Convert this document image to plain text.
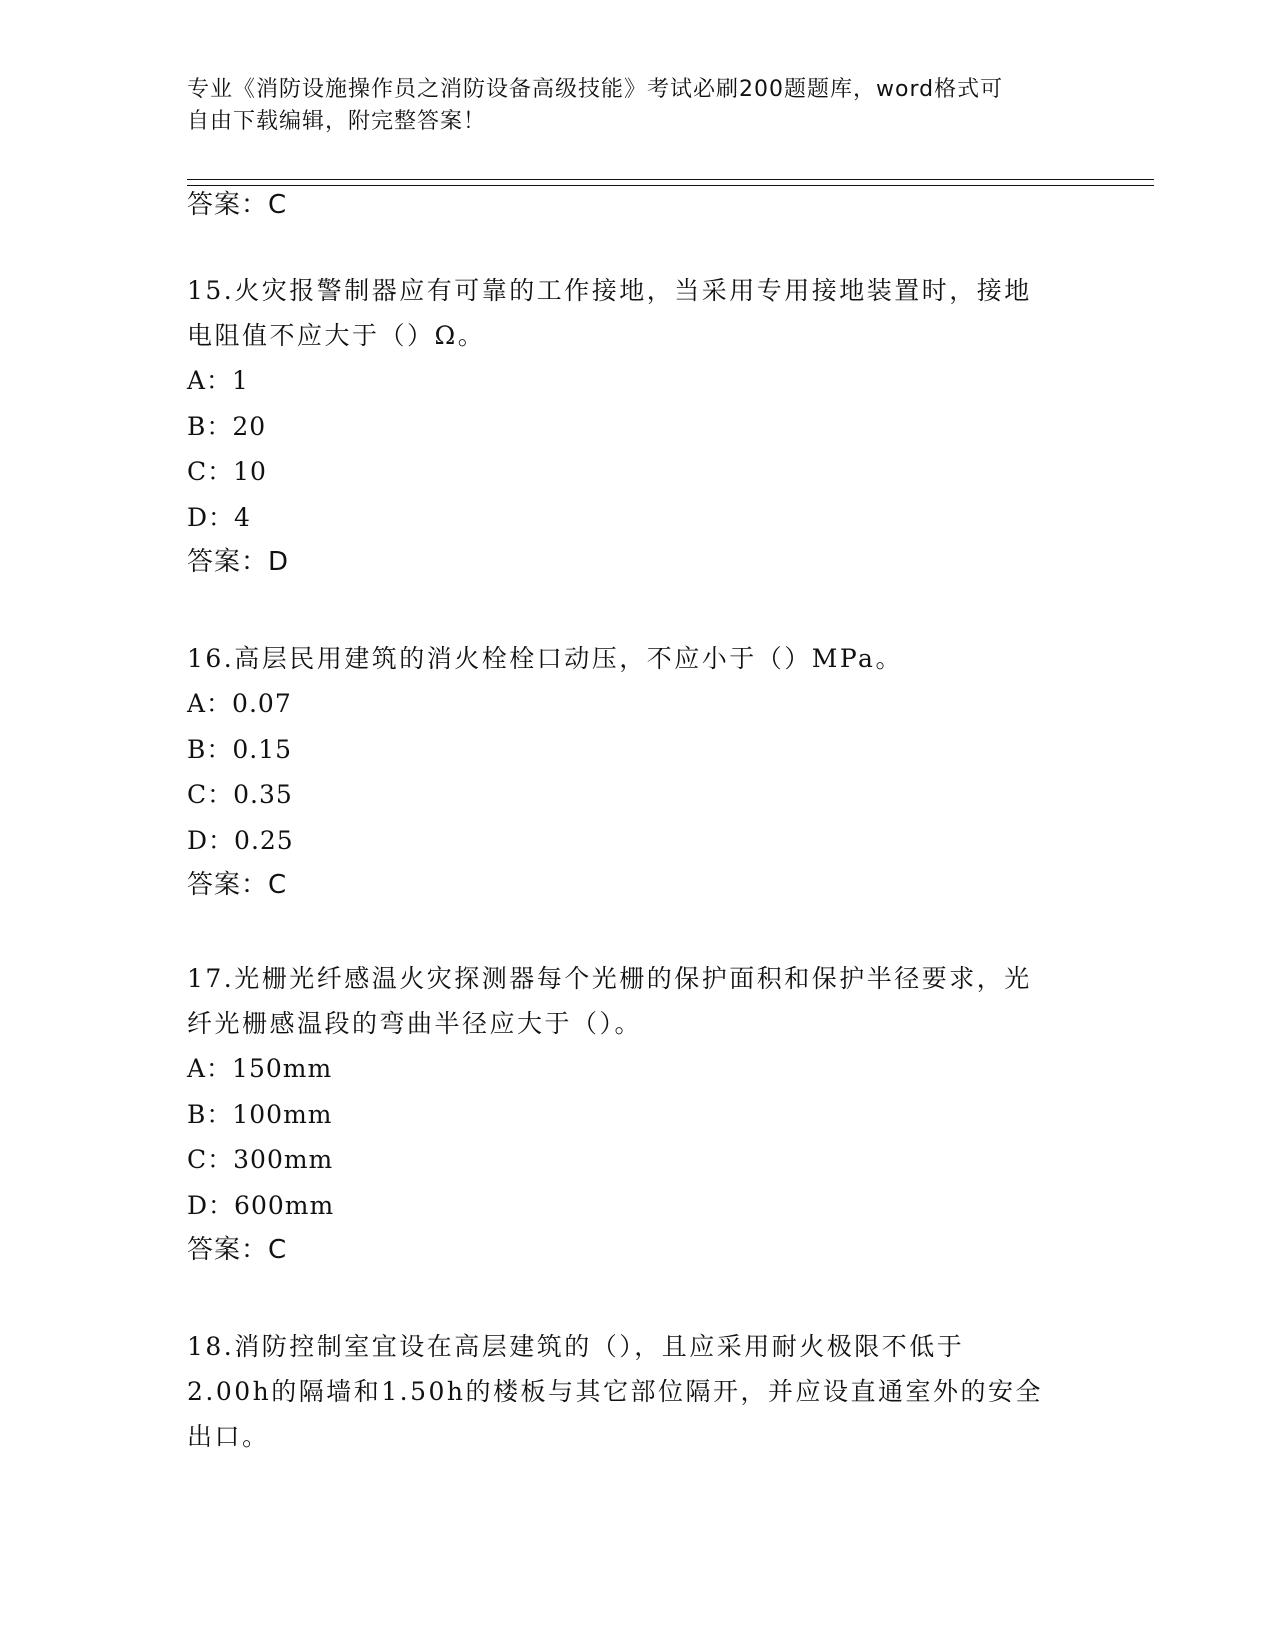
专业《消防设施操作员之消防设备高级技能》考试必刷200题题库，word格式可
自由下载编辑，附完整答案！
答案：C
15.火灾报警制器应有可靠的工作接地，当采用专用接地装置时，接地
电阻值不应大于（）Ω。
A：1
B：20
C：10
D：4
答案：D
16.高层民用建筑的消火栓栓口动压，不应小于（）MPa。
A：0.07
B：0.15
C：0.35
D：0.25
答案：C
17.光栅光纤感温火灾探测器每个光栅的保护面积和保护半径要求，光
纤光栅感温段的弯曲半径应大于（）。
A：150mm
B：100mm
C：300mm
D：600mm
答案：C
18.消防控制室宜设在高层建筑的（），且应采用耐火极限不低于
2.00h的隔墙和1.50h的楼板与其它部位隔开，并应设直通室外的安全
出口。
